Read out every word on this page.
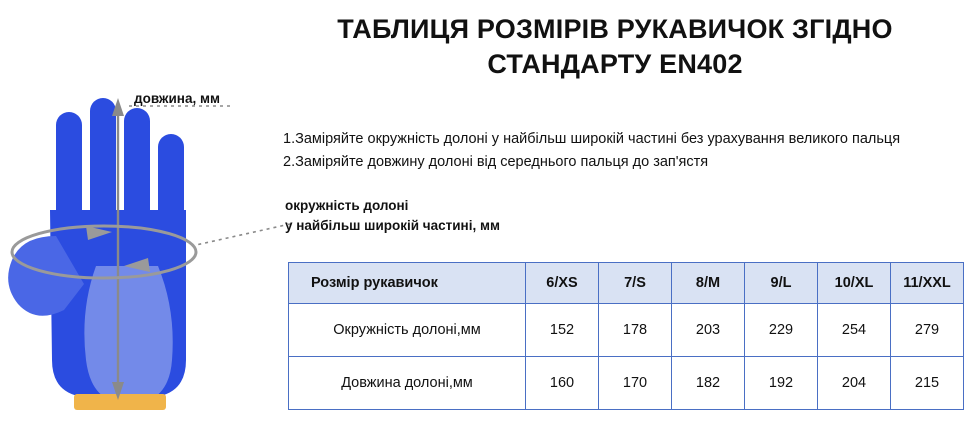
ТАБЛИЦЯ РОЗМІРІВ РУКАВИЧОК ЗГІДНО СТАНДАРТУ EN402
1.Заміряйте окружність долоні у найбільш широкій частині без урахування великого пальця
2.Заміряйте довжину долоні від середнього пальця до зап'ястя
довжина, мм
окружність долоні
у найбільш широкій частині, мм
Розмір рукавичок	6/XS	7/S	8/M	9/L	10/XL	11/XXL
Окружність долоні,мм	152	178	203	229	254	279
Довжина долоні,мм	160	170	182	192	204	215
